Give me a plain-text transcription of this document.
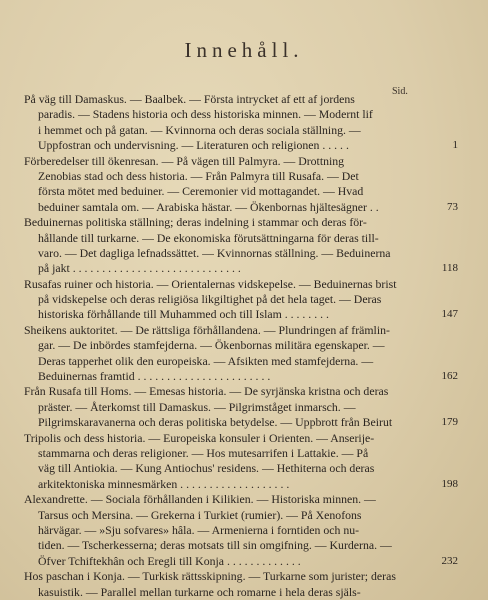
Innehåll.
Sid.
På väg till Damaskus. — Baalbek. — Första intrycket af ett af jordens
paradis. — Stadens historia och dess historiska minnen. — Modernt lif
i hemmet och på gatan. — Kvinnorna och deras sociala ställning. —
Uppfostran och undervisning. — Literaturen och religionen . . . . .	1
Förberedelser till ökenresan. — På vägen till Palmyra. — Drottning
Zenobias stad och dess historia. — Från Palmyra till Rusafa. — Det
första mötet med beduiner. — Ceremonier vid mottagandet. — Hvad
beduiner samtala om. — Arabiska hästar. — Ökenbornas hjältesägner . .	73
Beduinernas politiska ställning; deras indelning i stammar och deras för-
hållande till turkarne. — De ekonomiska förutsättningarna för deras till-
varo. — Det dagliga lefnadssättet. — Kvinnornas ställning. — Beduinerna
på jakt . . . . . . . . . . . . . . . . . . . . . . . . . . . . .	118
Rusafas ruiner och historia. — Orientalernas vidskepelse. — Beduinernas brist
på vidskepelse och deras religiösa likgiltighet på det hela taget. — Deras
historiska förhållande till Muhammed och till Islam . . . . . . . .	147
Sheikens auktoritet. — De rättsliga förhållandena. — Plundringen af främlin-
gar. — De inbördes stamfejderna. — Ökenbornas militära egenskaper. —
Deras tapperhet olik den europeiska. — Afsikten med stamfejderna. —
Beduinernas framtid . . . . . . . . . . . . . . . . . . . . . . .	162
Från Rusafa till Homs. — Emesas historia. — De syrjänska kristna och deras
präster. — Återkomst till Damaskus. — Pilgrimståget inmarsch. —
Pilgrimskaravanerna och deras politiska betydelse. — Uppbrott från Beirut	179
Tripolis och dess historia. — Europeiska konsuler i Orienten. — Anserije-
stammarna och deras religioner. — Hos mutesarrifen i Lattakie. — På
väg till Antiokia. — Kung Antiochus' residens. — Hethiterna och deras
arkitektoniska minnesmärken . . . . . . . . . . . . . . . . . . .	198
Alexandrette. — Sociala förhållanden i Kilikien. — Historiska minnen. —
Tarsus och Mersina. — Grekerna i Turkiet (rumier). — På Xenofons
härvägar. — »Sju sofvares» hâla. — Armenierna i forntiden och nu-
tiden. — Tscherkesserna; deras motsats till sin omgifning. — Kurderna. —
Öfver Tchiftekhân och Eregli till Konja . . . . . . . . . . . . .	232
Hos paschan i Konja. — Turkisk rättsskipning. — Turkarne som jurister; deras
kasuistik. — Parallel mellan turkarne och romarne i hela deras själs-
